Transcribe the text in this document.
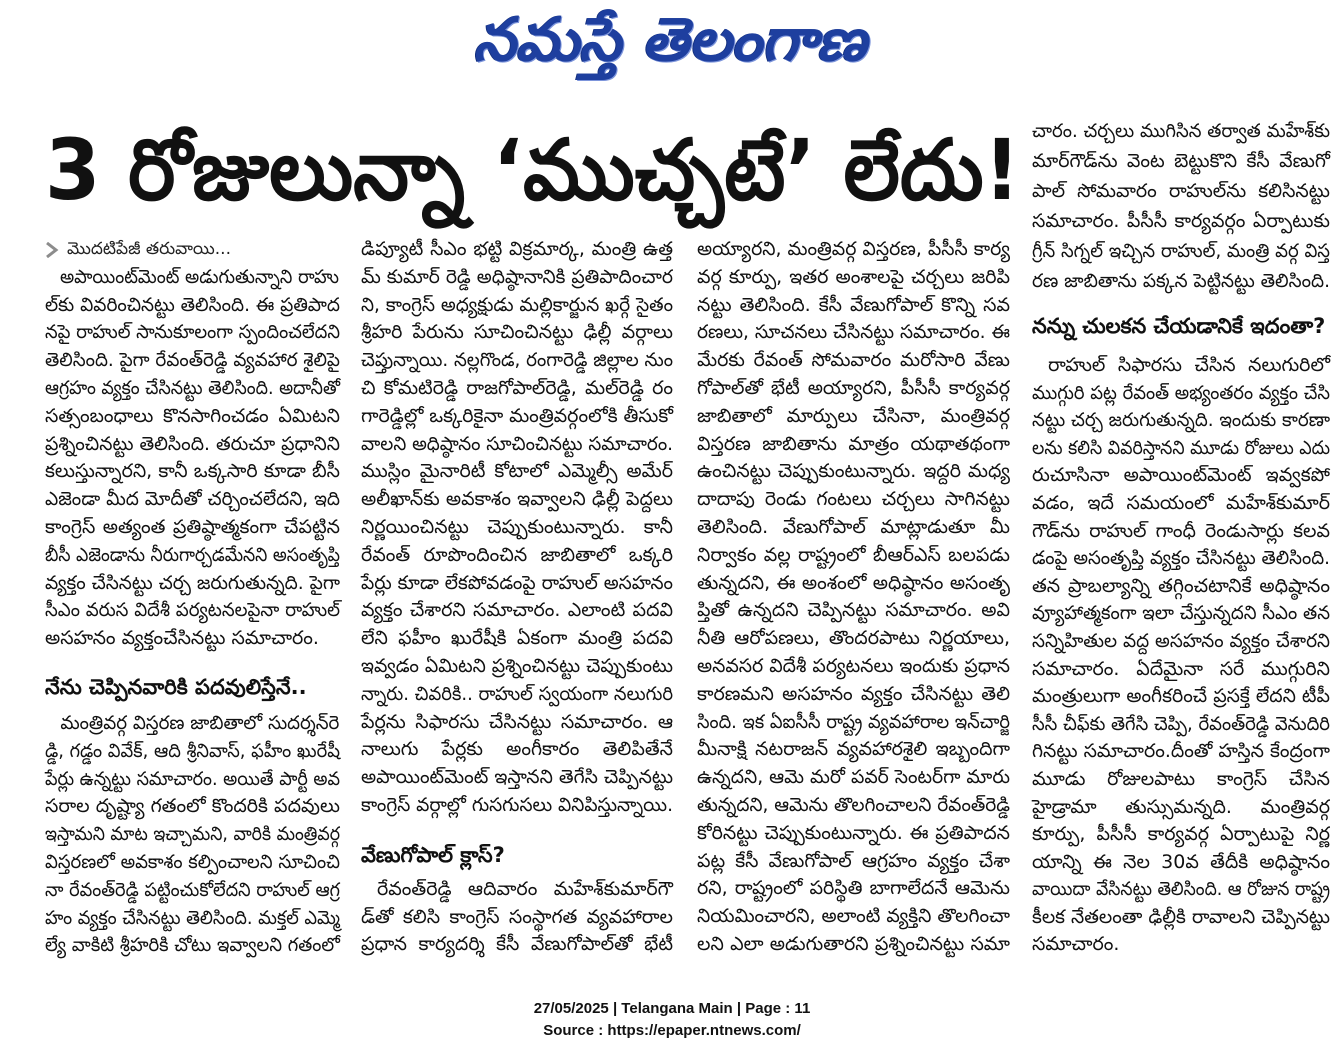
నమస్తే తెలంగాణ
3 రోజులున్నా ‘ముచ్చటే’ లేదు!
మొదటిపేజీ తరువాయి...
అపాయింట్‌మెంట్ అడుగుతున్నాని రాహు
ల్‌కు వివరించినట్టు తెలిసింది. ఈ ప్రతిపాద
నపై రాహుల్ సానుకూలంగా స్పందించలేదని
తెలిసింది. పైగా రేవంత్‌రెడ్డి వ్యవహార శైలిపై
ఆగ్రహం వ్యక్తం చేసినట్టు తెలిసింది. అదానీతో
సత్సంబంధాలు కొనసాగించడం ఏమిటని
ప్రశ్నించినట్టు తెలిసింది. తరుచూ ప్రధానిని
కలుస్తున్నారని, కానీ ఒక్కసారి కూడా బీసీ
ఎజెండా మీద మోదీతో చర్చించలేదని, ఇది
కాంగ్రెస్ అత్యంత ప్రతిష్ఠాత్మకంగా చేపట్టిన
బీసీ ఎజెండాను నీరుగార్చడమేనని అసంతృప్తి
వ్యక్తం చేసినట్టు చర్చ జరుగుతున్నది. పైగా
సీఎం వరుస విదేశీ పర్యటనలపైనా రాహుల్
అసహనం వ్యక్తంచేసినట్టు సమాచారం.
నేను చెప్పినవారికి పదవులిస్తేనే..
మంత్రివర్గ విస్తరణ జాబితాలో సుదర్శన్‌రె
డ్డి, గడ్డం వివేక్, ఆది శ్రీనివాస్, ఫహీం ఖురేషీ
పేర్లు ఉన్నట్టు సమాచారం. అయితే పార్టీ అవ
సరాల దృష్ట్యా గతంలో కొందరికి పదవులు
ఇస్తామని మాట ఇచ్చామని, వారికి మంత్రివర్గ
విస్తరణలో అవకాశం కల్పించాలని సూచించి
నా రేవంత్‌రెడ్డి పట్టించుకోలేదని రాహుల్ ఆగ్ర
హం వ్యక్తం చేసినట్టు తెలిసింది. మక్తల్ ఎమ్మె
ల్యే వాకిటి శ్రీహరికి చోటు ఇవ్వాలని గతంలో
డిప్యూటీ సీఎం భట్టి విక్రమార్క, మంత్రి ఉత్త
మ్ కుమార్ రెడ్డి అధిష్ఠానానికి ప్రతిపాదించార
ని, కాంగ్రెస్ అధ్యక్షుడు మల్లికార్జున ఖర్గే సైతం
శ్రీహరి పేరును సూచించినట్టు ఢిల్లీ వర్గాలు
చెప్తున్నాయి. నల్లగొండ, రంగారెడ్డి జిల్లాల నుం
చి కోమటిరెడ్డి రాజగోపాల్‌రెడ్డి, మల్‌రెడ్డి రం
గారెడ్డిల్లో ఒక్కరికైనా మంత్రివర్గంలోకి తీసుకో
వాలని అధిష్ఠానం సూచించినట్టు సమాచారం.
ముస్లిం మైనారిటీ కోటాలో ఎమ్మెల్సీ అమేర్
అలీఖాన్‌కు అవకాశం ఇవ్వాలని ఢిల్లీ పెద్దలు
నిర్ణయించినట్టు చెప్పుకుంటున్నారు. కానీ
రేవంత్ రూపొందించిన జాబితాలో ఒక్కరి
పేర్లు కూడా లేకపోవడంపై రాహుల్ అసహనం
వ్యక్తం చేశారని సమాచారం. ఎలాంటి పదవి
లేని ఫహీం ఖురేషీకి ఏకంగా మంత్రి పదవి
ఇవ్వడం ఏమిటని ప్రశ్నించినట్టు చెప్పుకుంటు
న్నారు. చివరికి.. రాహుల్ స్వయంగా నలుగురి
పేర్లను సిఫారసు చేసినట్టు సమాచారం. ఆ
నాలుగు పేర్లకు అంగీకారం తెలిపితేనే
అపాయింట్‌మెంట్ ఇస్తానని తెగేసి చెప్పినట్టు
కాంగ్రెస్ వర్గాల్లో గుసగుసలు వినిపిస్తున్నాయి.
వేణుగోపాల్ క్లాస్?
రేవంత్‌రెడ్డి ఆదివారం మహేశ్‌కుమార్‌గౌ
డ్‌తో కలిసి కాంగ్రెస్ సంస్థాగత వ్యవహారాల
ప్రధాన కార్యదర్శి కేసీ వేణుగోపాల్‌తో భేటీ
అయ్యారని, మంత్రివర్గ విస్తరణ, పీసీసీ కార్య
వర్గ కూర్పు, ఇతర అంశాలపై చర్చలు జరిపి
నట్టు తెలిసింది. కేసీ వేణుగోపాల్ కొన్ని సవ
రణలు, సూచనలు చేసినట్టు సమాచారం. ఈ
మేరకు రేవంత్ సోమవారం మరోసారి వేణు
గోపాల్‌తో భేటీ అయ్యారని, పీసీసీ కార్యవర్గ
జాబితాలో మార్పులు చేసినా, మంత్రివర్గ
విస్తరణ జాబితాను మాత్రం యథాతథంగా
ఉంచినట్టు చెప్పుకుంటున్నారు. ఇద్దరి మధ్య
దాదాపు రెండు గంటలు చర్చలు సాగినట్టు
తెలిసింది. వేణుగోపాల్ మాట్లాడుతూ మీ
నిర్వాకం వల్ల రాష్ట్రంలో బీఆర్‌ఎస్ బలపడు
తున్నదని, ఈ అంశంలో అధిష్ఠానం అసంతృ
ప్తితో ఉన్నదని చెప్పినట్టు సమాచారం. అవి
నీతి ఆరోపణలు, తొందరపాటు నిర్ణయాలు,
అనవసర విదేశీ పర్యటనలు ఇందుకు ప్రధాన
కారణమని అసహనం వ్యక్తం చేసినట్టు తెలి
సింది. ఇక ఏఐసీసీ రాష్ట్ర వ్యవహారాల ఇన్‌చార్జి
మీనాక్షి నటరాజన్ వ్యవహారశైలి ఇబ్బందిగా
ఉన్నదని, ఆమె మరో పవర్ సెంటర్‌గా మారు
తున్నదని, ఆమెను తొలగించాలని రేవంత్‌రెడ్డి
కోరినట్టు చెప్పుకుంటున్నారు. ఈ ప్రతిపాదన
పట్ల కేసీ వేణుగోపాల్ ఆగ్రహం వ్యక్తం చేశా
రని, రాష్ట్రంలో పరిస్థితి బాగాలేదనే ఆమెను
నియమించారని, అలాంటి వ్యక్తిని తొలగించా
లని ఎలా అడుగుతారని ప్రశ్నించినట్టు సమా
చారం. చర్చలు ముగిసిన తర్వాత మహేశ్‌కు
మార్‌గౌడ్‌ను వెంట బెట్టుకొని కేసీ వేణుగో
పాల్ సోమవారం రాహుల్‌ను కలిసినట్టు
సమాచారం. పీసీసీ కార్యవర్గం ఏర్పాటుకు
గ్రీన్ సిగ్నల్ ఇచ్చిన రాహుల్, మంత్రి వర్గ విస్త
రణ జాబితాను పక్కన పెట్టినట్టు తెలిసింది.
నన్ను చులకన చేయడానికే ఇదంతా?
రాహుల్ సిఫారసు చేసిన నలుగురిలో
ముగ్గురి పట్ల రేవంత్ అభ్యంతరం వ్యక్తం చేసి
నట్టు చర్చ జరుగుతున్నది. ఇందుకు కారణా
లను కలిసి వివరిస్తానని మూడు రోజులు ఎదు
రుచూసినా అపాయింట్‌మెంట్ ఇవ్వకపో
వడం, ఇదే సమయంలో మహేశ్‌కుమార్
గౌడ్‌ను రాహుల్ గాంధీ రెండుసార్లు కలవ
డంపై అసంతృప్తి వ్యక్తం చేసినట్టు తెలిసింది.
తన ప్రాబల్యాన్ని తగ్గించటానికే అధిష్ఠానం
వ్యూహాత్మకంగా ఇలా చేస్తున్నదని సీఎం తన
సన్నిహితుల వద్ద అసహనం వ్యక్తం చేశారని
సమాచారం. ఏదేమైనా సరే ముగ్గురిని
మంత్రులుగా అంగీకరించే ప్రసక్తే లేదని టీపీ
సీసీ చీఫ్‌కు తెగేసి చెప్పి, రేవంత్‌రెడ్డి వెనుదిరి
గినట్టు సమాచారం.దీంతో హస్తిన కేంద్రంగా
మూడు రోజులపాటు కాంగ్రెస్ చేసిన
హైడ్రామా తుస్సుమన్నది. మంత్రివర్గ
కూర్పు, పీసీసీ కార్యవర్గ ఏర్పాటుపై నిర్ణ
యాన్ని ఈ నెల 30వ తేదీకి అధిష్ఠానం
వాయిదా వేసినట్టు తెలిసింది. ఆ రోజున రాష్ట్ర
కీలక నేతలంతా ఢిల్లీకి రావాలని చెప్పినట్టు
సమాచారం.
27/05/2025 | Telangana Main | Page : 11
Source : https://epaper.ntnews.com/
